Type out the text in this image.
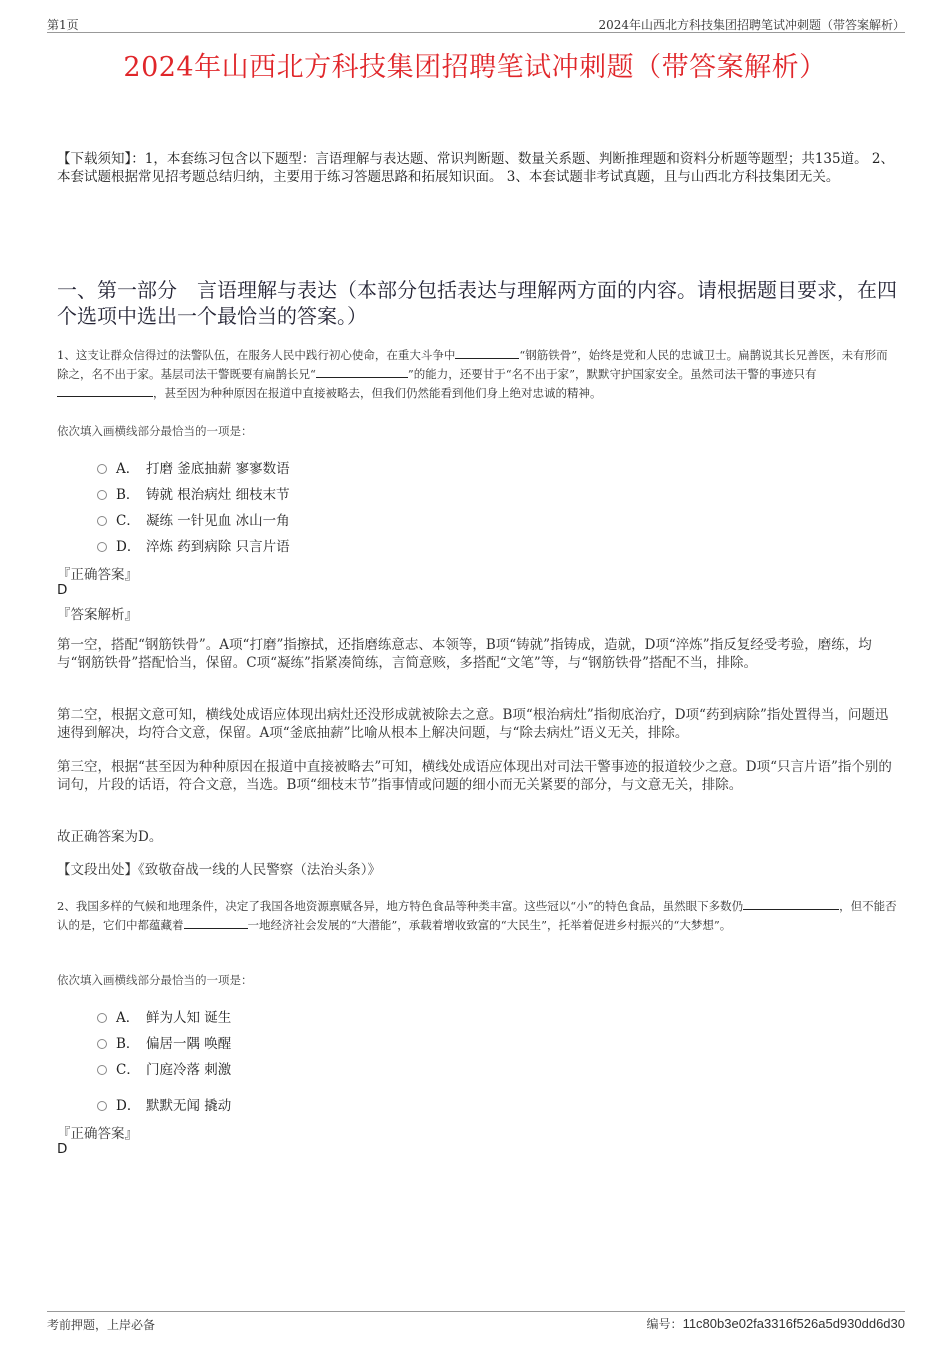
第1页	2024年山西北方科技集团招聘笔试冲刺题（带答案解析）
2024年山西北方科技集团招聘笔试冲刺题（带答案解析）
【下载须知】：1，本套练习包含以下题型：言语理解与表达题、常识判断题、数量关系题、判断推理题和资料分析题等题型；共135道。 2、本套试题根据常见招考题总结归纳，主要用于练习答题思路和拓展知识面。 3、本套试题非考试真题，且与山西北方科技集团无关。
一、第一部分　言语理解与表达（本部分包括表达与理解两方面的内容。请根据题目要求，在四个选项中选出一个最恰当的答案。）
1、这支让群众信得过的法警队伍，在服务人民中践行初心使命，在重大斗争中	“钢筋铁骨”，始终是党和人民的忠诚卫士。扁鹊说其长兄善医，未有形而除之，名不出于家。基层司法干警既要有扁鹊长兄“	”的能力，还要甘于“名不出于家”，默默守护国家安全。虽然司法干警的事迹只有，甚至因为种种原因在报道中直接被略去，但我们仍然能看到他们身上绝对忠诚的精神。
依次填入画横线部分最恰当的一项是：
A． 打磨 釜底抽薪 寥寥数语
B． 铸就 根治病灶 细枝末节
C． 凝练 一针见血 冰山一角
D． 淬炼 药到病除 只言片语
『正确答案』
D
『答案解析』
第一空，搭配“钢筋铁骨”。A项“打磨”指擦拭，还指磨练意志、本领等，B项“铸就”指铸成，造就，D项“淬炼”指反复经受考验，磨练，均与“钢筋铁骨”搭配恰当，保留。C项“凝练”指紧凑简练，言简意赅，多搭配“文笔”等，与“钢筋铁骨”搭配不当，排除。
第二空，根据文意可知，横线处成语应体现出病灶还没形成就被除去之意。B项“根治病灶”指彻底治疗，D项“药到病除”指处置得当，问题迅速得到解决，均符合文意，保留。A项“釜底抽薪”比喻从根本上解决问题，与“除去病灶”语义无关，排除。
第三空，根据“甚至因为种种原因在报道中直接被略去”可知，横线处成语应体现出对司法干警事迹的报道较少之意。D项“只言片语”指个别的词句，片段的话语，符合文意，当选。B项“细枝末节”指事情或问题的细小而无关紧要的部分，与文意无关，排除。
故正确答案为D。
【文段出处】《致敬奋战一线的人民警察（法治头条）》
2、我国多样的气候和地理条件，决定了我国各地资源禀赋各异，地方特色食品等种类丰富。这些冠以“小”的特色食品，虽然眼下多数仍	，但不能否认的是，它们中都蕴藏着	一地经济社会发展的“大潜能”，承载着增收致富的“大民生”，托举着促进乡村振兴的“大梦想”。
依次填入画横线部分最恰当的一项是：
A． 鲜为人知 诞生
B． 偏居一隅 唤醒
C． 门庭冷落 刺激
D． 默默无闻 撬动
『正确答案』
D
考前押题，上岸必备	编号：11c80b3e02fa3316f526a5d930dd6d30
